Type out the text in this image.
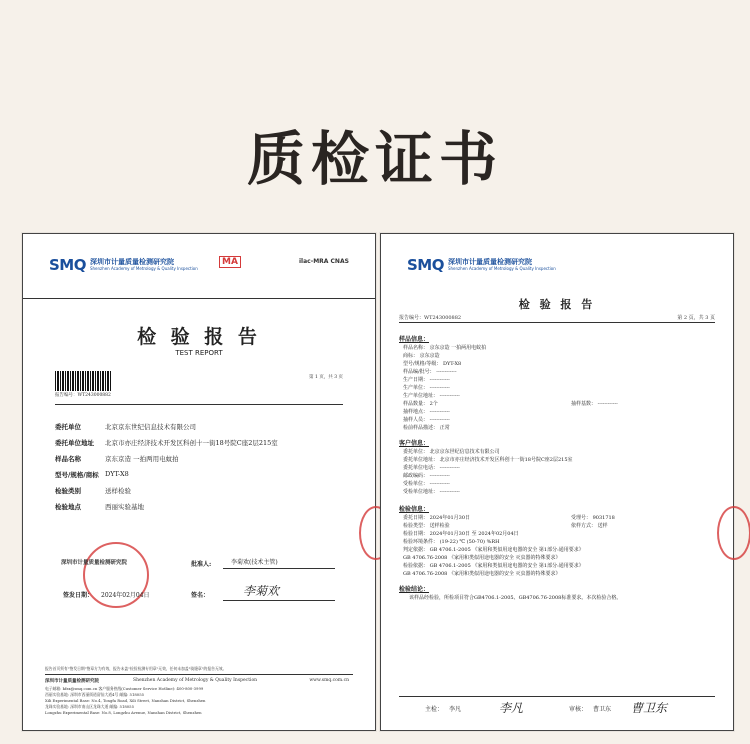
质检证书
SMQ 深圳市计量质量检测研究院
Shenzhen Academy of Metrology & Quality Inspection
MA	ilac-MRA CNAS
检 验 报 告
TEST REPORT
报告编号：WT243000882
第 1 页，共 3 页
委托单位	北京京东世纪信息技术有限公司
委托单位地址	北京市亦庄经济技术开发区科创十一街18号院C座2层215室
样品名称	京东京造 一拍两用电蚊拍
型号/规格/商标 DYT-X8
检验类别	送样检验
检验地点	西丽实验基地
深圳市计量质量检测研究院	批准人:	李菊欢(技术主管)
签名：	李菊欢
签发日期： 2024年02月04日
报告首页须有"签发日期"签章方为有效，报告未盖"检验检测专用章"无效，任何未加盖"骑缝章"的报告无效。
深圳市计量质量检测研究院	Shenzhen Academy of Metrology & Quality Inspection	www.smq.com.cn
电子邮箱: kfzx@smq.com.cn 客户服务热线(Customer Service Hotline): 400-800-3999
西丽实验基地: 深圳市西丽街道留仙大道4号 邮编: 518055
Xili Experimental Base: No.4, Tongfa Road, Xili Street, Nanshan District, Shenzhen
龙珠实验基地: 深圳市南山区龙珠大道 邮编: 518055
Longzhu Experimental Base: No.8, Longzhu Avenue, Nanshan District, Shenzhen
SMQ 深圳市计量质量检测研究院
Shenzhen Academy of Metrology & Quality Inspection
检 验 报 告
报告编号：WT243000882	第 2 页，共 3 页
样品信息：
样品名称： 京东京造 一拍两用电蚊拍
商标： 京东京造
型号/规格/等级： DYT-X8
样品编/批号： ------------
生产日期： ------------
生产单位： ------------
生产单位地址： ------------
样品数量： 2个
抽样地点： ------------
抽样人员： ------------
检前样品描述： 正常
抽样基数： ------------
客户信息：
委托单位： 北京京东世纪信息技术有限公司
委托单位地址： 北京市亦庄经济技术开发区科创十一街18号院C座2层215室
委托单位电话： ------------
邮政编码： ------------
受检单位： ------------
受检单位地址： ------------
检验信息：
委托日期： 2024年01月30日
检验类型： 送样检验
检验日期： 2024年01月30日 至 2024年02月04日
检验环境条件： (19-22) ℃ (50-70) %RH
判定依据： GB 4706.1-2005 《家用和类似用途电器的安全 第1部分:通用要求》
GB 4706.76-2008 《家用和类似用途电器的安全 灭虫器的特殊要求》
检验依据： GB 4706.1-2005 《家用和类似用途电器的安全 第1部分:通用要求》
GB 4706.76-2008 《家用和类似用途电器的安全 灭虫器的特殊要求》
受理号： 9031718
依样方式： 送样
检验结论：
该样品经检验，所检项目符合GB4706.1-2005、GB4706.76-2008标准要求。本次检验合格。
主检： 李凡	李凡	审核： 曹卫东 曹卫东
